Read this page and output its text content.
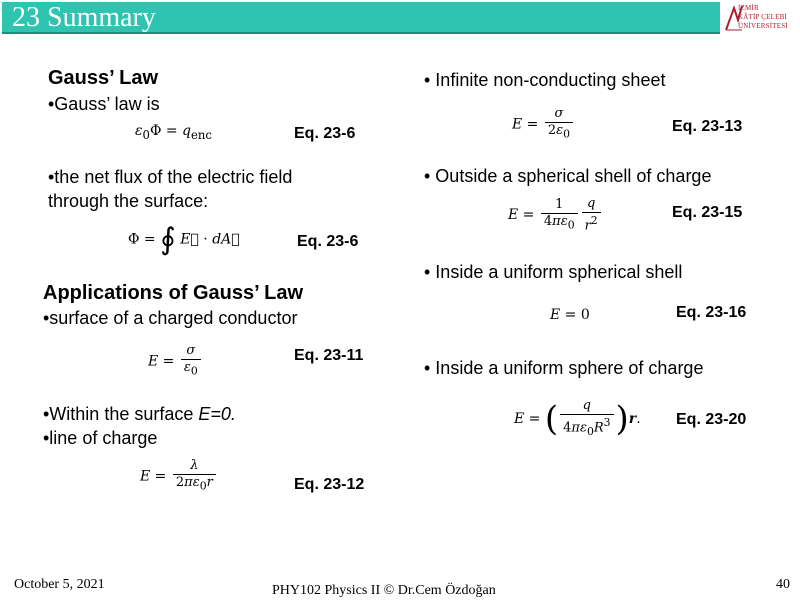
23 Summary	İZMİR
KÂTİP ÇELEBİ
ÜNİVERSİTESİ
Gauss’ Law
•Gauss’ law is
$\varepsilon_0\Phi = q_{enc}$	Eq. 23-6
•the net flux of the electric field
through the surface:
Φ = ∮ E⃗ · dA⃗	Eq. 23-6
Applications of Gauss’ Law
•surface of a charged conductor
$E = \frac{\sigma}{\varepsilon_0}$	Eq. 23-11
•Within the surface E=0.
•line of charge
$E = \frac{\lambda}{2\pi\varepsilon_0r}$	Eq. 23-12
• Infinite non-conducting sheet
$E = \frac{\sigma}{2\varepsilon_0}$	Eq. 23-13
• Outside a spherical shell of charge
$E = \frac{1}{4\pi\varepsilon_0} \frac{q}{r^2}$	Eq. 23-15
• Inside a uniform spherical shell
E = 0	Eq. 23-16
• Inside a uniform sphere of charge
E = ( $\frac{q}{4\pi\varepsilon_0R^3} )r$. Eq. 23-20
October 5, 2021	PHY102 Physics II © Dr.Cem Özdoğan	40
